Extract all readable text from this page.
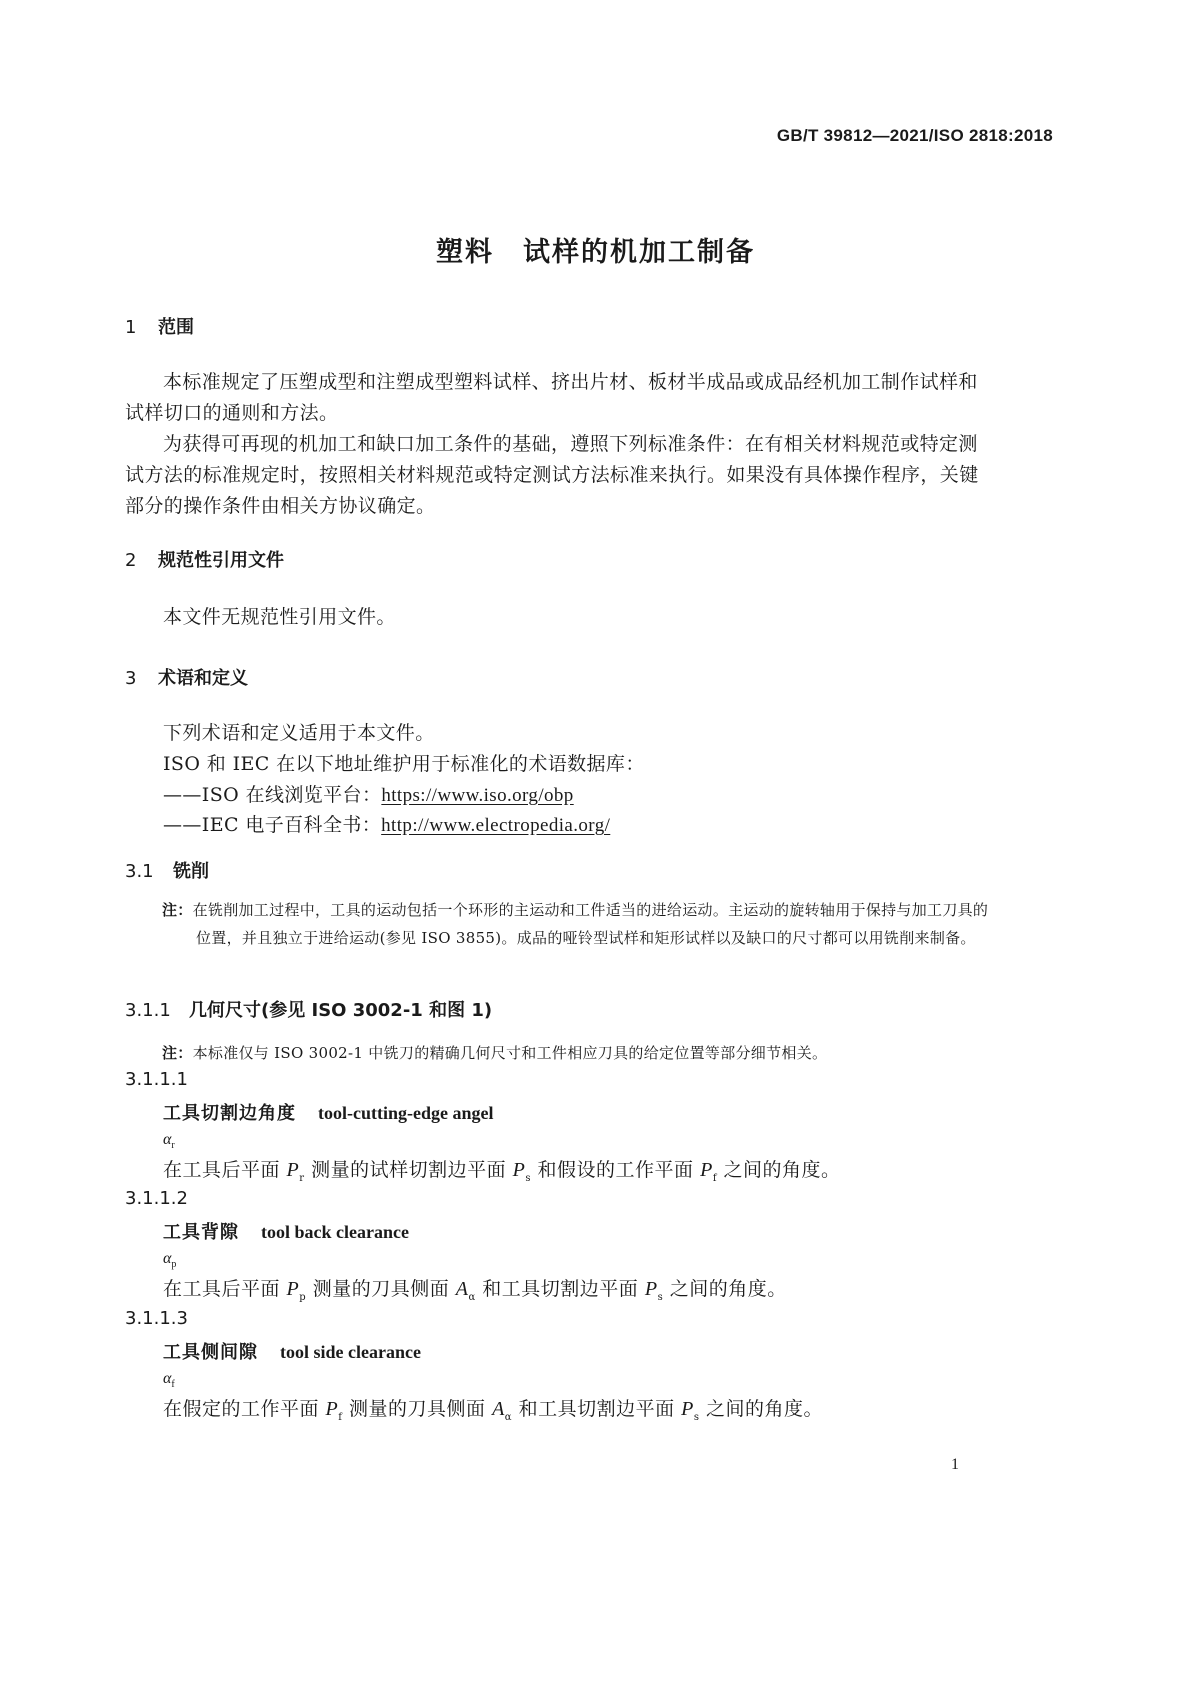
GB/T 39812—2021/ISO 2818:2018
塑料　试样的机加工制备
1 范围
本标准规定了压塑成型和注塑成型塑料试样、挤出片材、板材半成品或成品经机加工制作试样和试样切口的通则和方法。
为获得可再现的机加工和缺口加工条件的基础，遵照下列标准条件：在有相关材料规范或特定测试方法的标准规定时，按照相关材料规范或特定测试方法标准来执行。如果没有具体操作程序，关键部分的操作条件由相关方协议确定。
2 规范性引用文件
本文件无规范性引用文件。
3 术语和定义
下列术语和定义适用于本文件。
ISO 和 IEC 在以下地址维护用于标准化的术语数据库：
——ISO 在线浏览平台：https://www.iso.org/obp
——IEC 电子百科全书：http://www.electropedia.org/
3.1 铣削
注：在铣削加工过程中，工具的运动包括一个环形的主运动和工件适当的进给运动。主运动的旋转轴用于保持与加工刀具的位置，并且独立于进给运动(参见 ISO 3855)。成品的哑铃型试样和矩形试样以及缺口的尺寸都可以用铣削来制备。
3.1.1 几何尺寸(参见 ISO 3002-1 和图 1)
注：本标准仅与 ISO 3002-1 中铣刀的精确几何尺寸和工件相应刀具的给定位置等部分细节相关。
3.1.1.1
工具切割边角度 tool-cutting-edge angel
$\alpha_r$
在工具后平面 $P_r$ 测量的试样切割边平面 $P_s$ 和假设的工作平面 $P_f$ 之间的角度。
3.1.1.2
工具背隙 tool back clearance
$\alpha_p$
在工具后平面 $P_p$ 测量的刀具侧面 $A_\alpha$ 和工具切割边平面 $P_s$ 之间的角度。
3.1.1.3
工具侧间隙 tool side clearance
$\alpha_f$
在假定的工作平面 $P_f$ 测量的刀具侧面 $A_\alpha$ 和工具切割边平面 $P_s$ 之间的角度。
1
